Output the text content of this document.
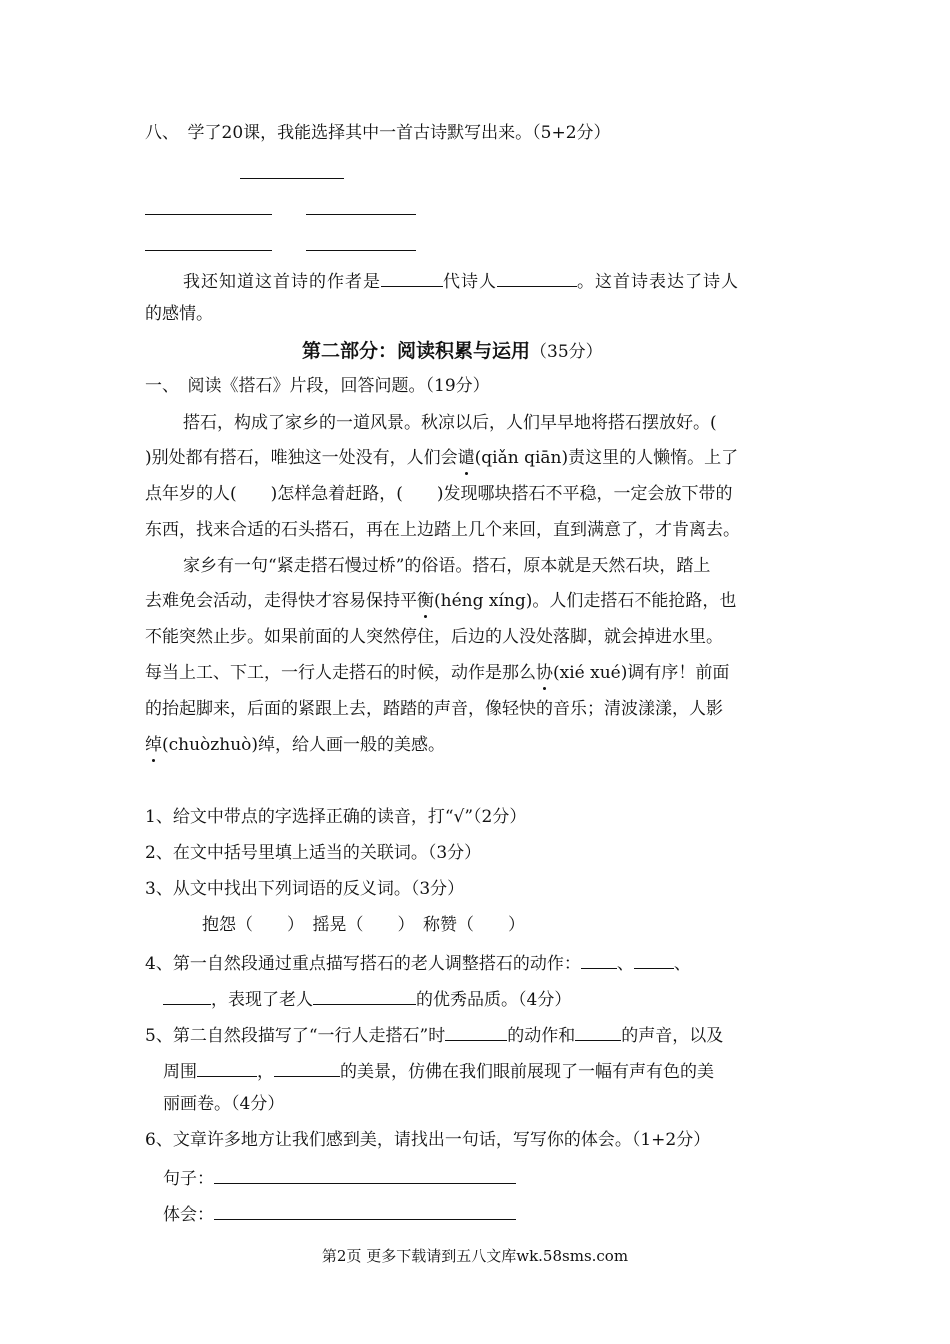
八、　学了20课，我能选择其中一首古诗默写出来。（5+2分）
我还知道这首诗的作者是	代诗人	。这首诗表达了诗人
的感情。
第二部分：阅读积累与运用（35分）
一、　阅读《搭石》片段，回答问题。（19分）
搭石，构成了家乡的一道风景。秋凉以后，人们早早地将搭石摆放好。(
)别处都有搭石，唯独这一处没有，人们会谴(qiǎn qiān)责这里的人懒惰。上了
点年岁的人(　　)怎样急着赶路，(　　)发现哪块搭石不平稳，一定会放下带的
东西，找来合适的石头搭石，再在上边踏上几个来回，直到满意了，才肯离去。
家乡有一句“紧走搭石慢过桥”的俗语。搭石，原本就是天然石块，踏上
去难免会活动，走得快才容易保持平衡(héng xíng)。人们走搭石不能抢路，也
不能突然止步。如果前面的人突然停住，后边的人没处落脚，就会掉进水里。
每当上工、下工，一行人走搭石的时候，动作是那么协(xié xué)调有序！前面
的抬起脚来，后面的紧跟上去，踏踏的声音，像轻快的音乐；清波漾漾，人影
绰(chuòzhuò)绰，给人画一般的美感。
1、给文中带点的字选择正确的读音，打“√”（2分）
2、在文中括号里填上适当的关联词。（3分）
3、从文中找出下列词语的反义词。（3分）
抱怨（　　）　摇晃（　　）　称赞（　　）
4、第一自然段通过重点描写搭石的老人调整搭石的动作： 、 、
，表现了老人	的优秀品质。（4分）
5、第二自然段描写了“一行人走搭石”时	的动作和	的声音，以及
周围	，	的美景，仿佛在我们眼前展现了一幅有声有色的美
丽画卷。（4分）
6、文章许多地方让我们感到美，请找出一句话，写写你的体会。（1+2分）
句子：
体会：
第2页 更多下载请到五八文库wk.58sms.com
